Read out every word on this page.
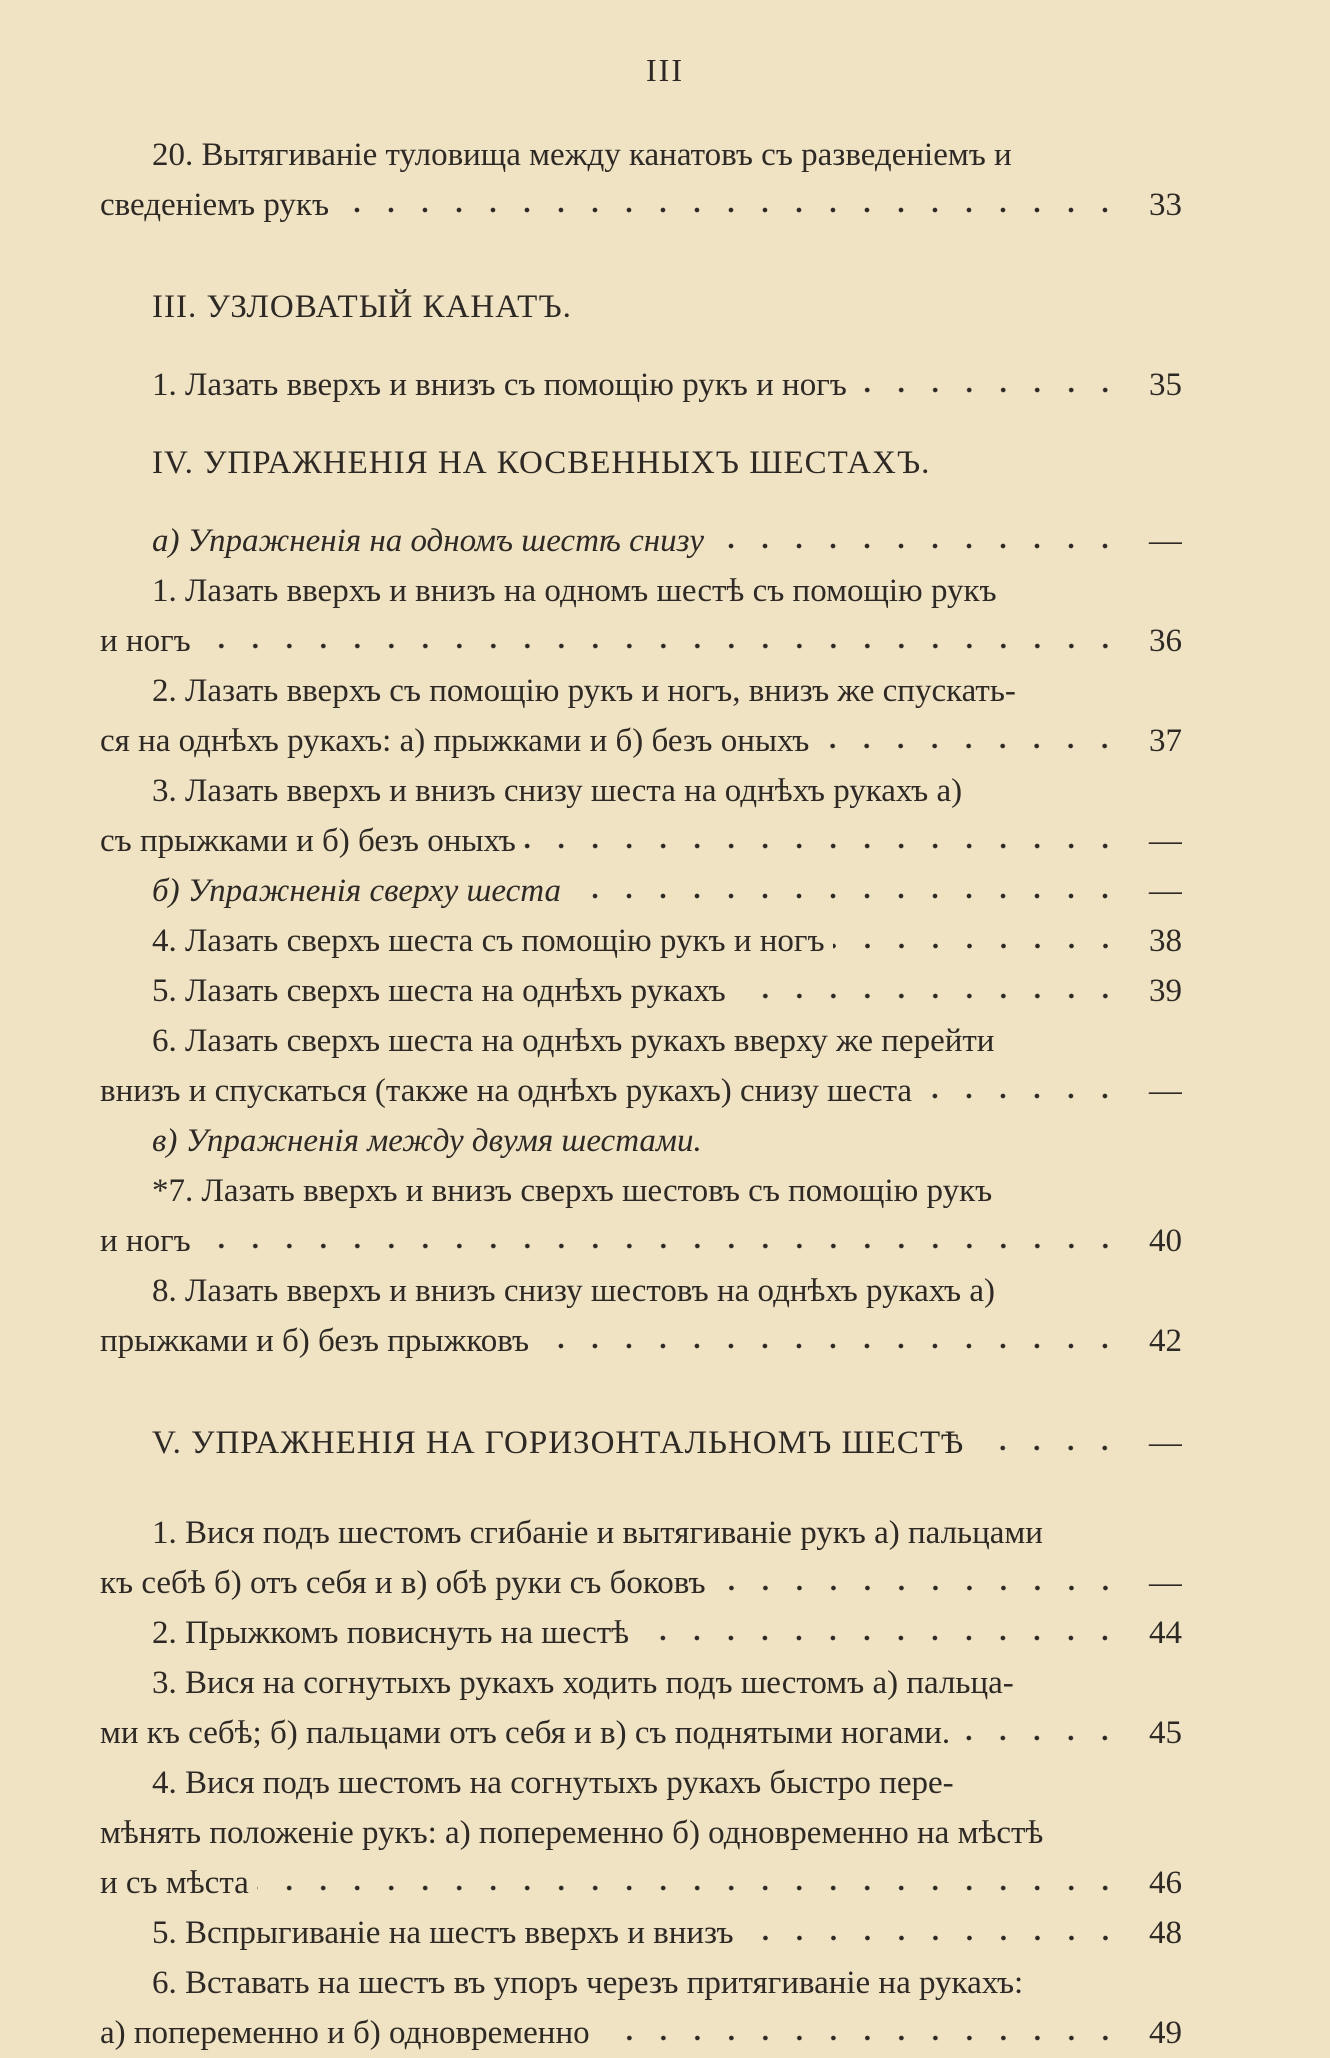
III
20. Вытягиванiе туловища между канатовъ съ разведенiемъ и
сведенiемъ рукъ	33
III. УЗЛОВАТЫЙ КАНАТЪ.
1. Лазать вверхъ и внизъ съ помощiю рукъ и ногъ	35
IV. УПРАЖНЕНIЯ НА КОСВЕННЫХЪ ШЕСТАХЪ.
а) Упражненiя на одномъ шестѣ снизу	—
1. Лазать вверхъ и внизъ на одномъ шестѣ съ помощiю рукъ
и ногъ	36
2. Лазать вверхъ съ помощiю рукъ и ногъ, внизъ же спускать-
ся на однѣхъ рукахъ: а) прыжками и б) безъ оныхъ	37
3. Лазать вверхъ и внизъ снизу шеста на однѣхъ рукахъ а)
съ прыжками и б) безъ оныхъ	—
б) Упражненiя сверху шеста	—
4. Лазать сверхъ шеста съ помощiю рукъ и ногъ	38
5. Лазать сверхъ шеста на однѣхъ рукахъ	39
6. Лазать сверхъ шеста на однѣхъ рукахъ вверху же перейти
внизъ и спускаться (также на однѣхъ рукахъ) снизу шеста	—
в) Упражненiя между двумя шестами.
*7. Лазать вверхъ и внизъ сверхъ шестовъ съ помощiю рукъ
и ногъ	40
8. Лазать вверхъ и внизъ снизу шестовъ на однѣхъ рукахъ а)
прыжками и б) безъ прыжковъ	42
V. УПРАЖНЕНIЯ НА ГОРИЗОНТАЛЬНОМЪ ШЕСТѢ	—
1. Вися подъ шестомъ сгибанiе и вытягиванiе рукъ а) пальцами
къ себѣ б) отъ себя и в) обѣ руки съ боковъ	—
2. Прыжкомъ повиснуть на шестѣ	44
3. Вися на согнутыхъ рукахъ ходить подъ шестомъ а) пальца-
ми къ себѣ; б) пальцами отъ себя и в) съ поднятыми ногами.	45
4. Вися подъ шестомъ на согнутыхъ рукахъ быстро пере-
мѣнять положенiе рукъ: а) попеременно б) одновременно на мѣстѣ
и съ мѣста	46
5. Вспрыгиванiе на шестъ вверхъ и внизъ	48
6. Вставать на шестъ въ упоръ черезъ притягиванiе на рукахъ:
а) попеременно и б) одновременно	49
